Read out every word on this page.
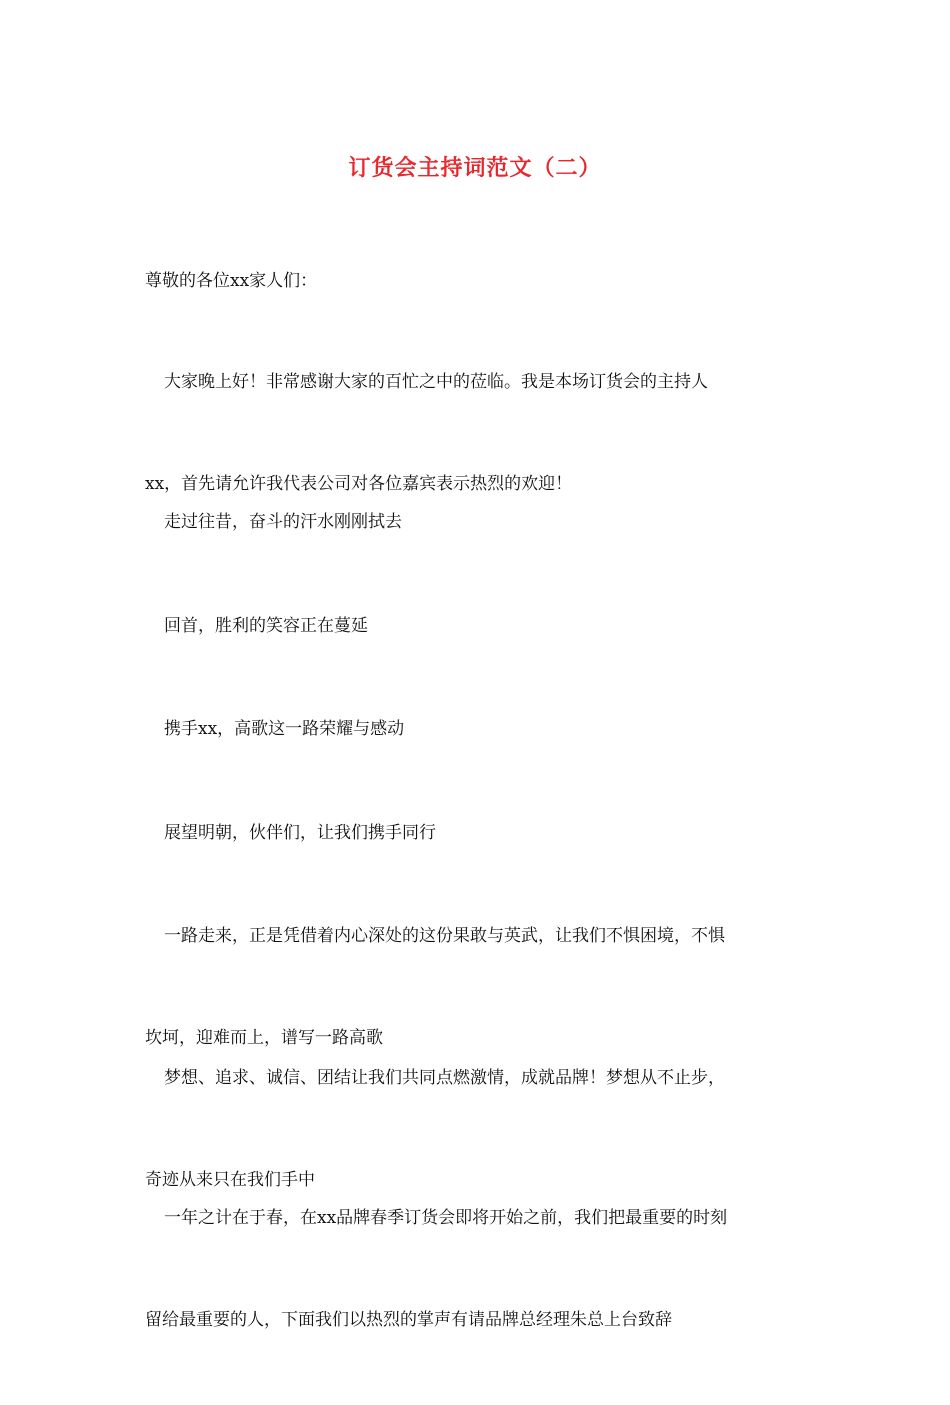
订货会主持词范文（二）

尊敬的各位xx家人们：

大家晚上好！非常感谢大家的百忙之中的莅临。我是本场订货会的主持人

xx，首先请允许我代表公司对各位嘉宾表示热烈的欢迎！

走过往昔，奋斗的汗水刚刚拭去

回首，胜利的笑容正在蔓延

携手xx，高歌这一路荣耀与感动

展望明朝，伙伴们，让我们携手同行

一路走来，正是凭借着内心深处的这份果敢与英武，让我们不惧困境，不惧

坎坷，迎难而上，谱写一路高歌

梦想、追求、诚信、团结让我们共同点燃激情，成就品牌！梦想从不止步，

奇迹从来只在我们手中

一年之计在于春，在xx品牌春季订货会即将开始之前，我们把最重要的时刻

留给最重要的人，下面我们以热烈的掌声有请品牌总经理朱总上台致辞
